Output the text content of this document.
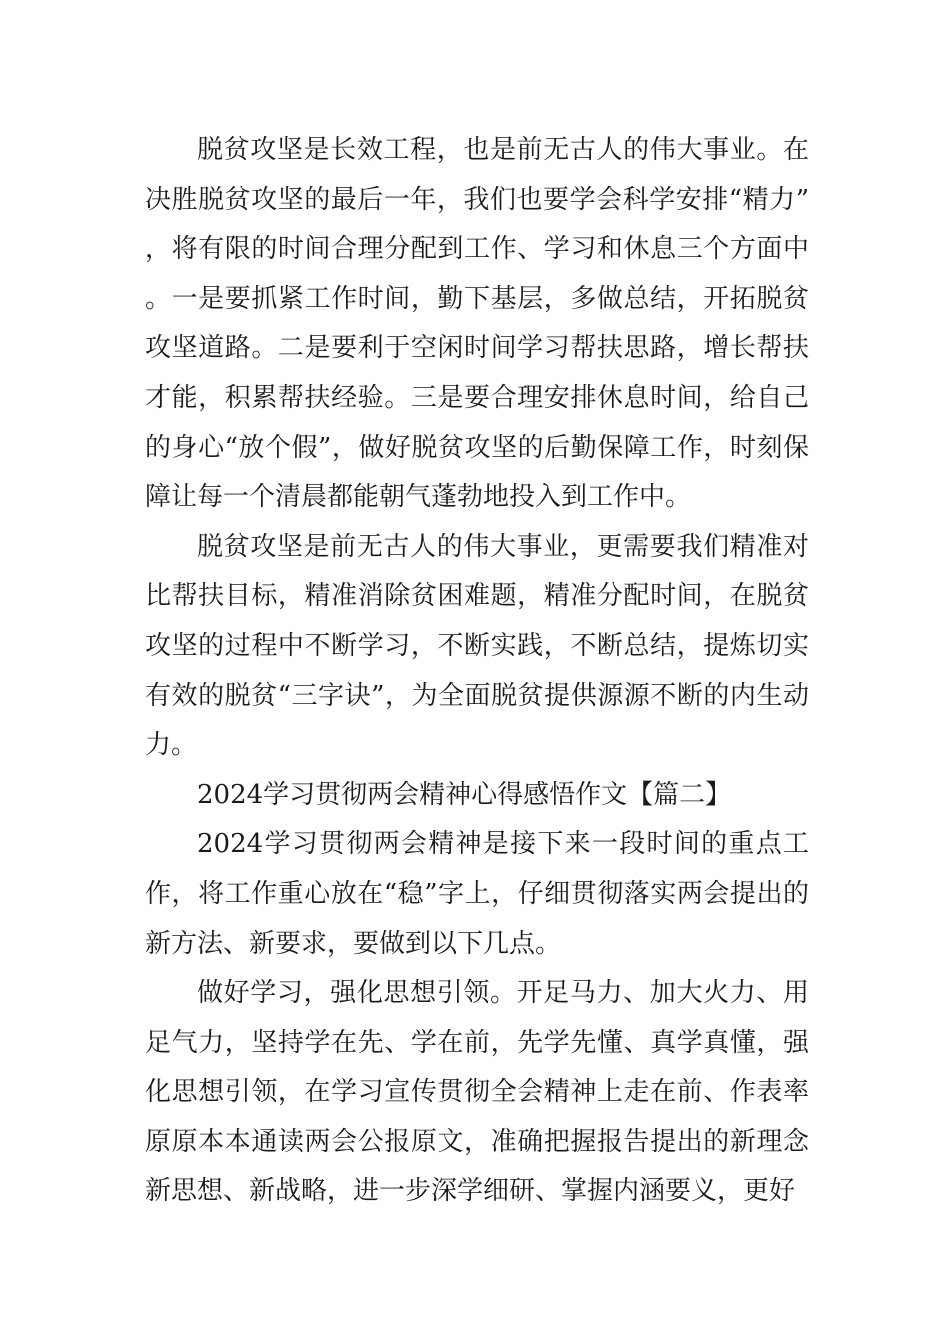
脱贫攻坚是长效工程，也是前无古人的伟大事业。在决胜脱贫攻坚的最后一年，我们也要学会科学安排“精力”，将有限的时间合理分配到工作、学习和休息三个方面中。一是要抓紧工作时间，勤下基层，多做总结，开拓脱贫攻坚道路。二是要利于空闲时间学习帮扶思路，增长帮扶才能，积累帮扶经验。三是要合理安排休息时间，给自己的身心“放个假”，做好脱贫攻坚的后勤保障工作，时刻保障让每一个清晨都能朝气蓬勃地投入到工作中。

脱贫攻坚是前无古人的伟大事业，更需要我们精准对比帮扶目标，精准消除贫困难题，精准分配时间，在脱贫攻坚的过程中不断学习，不断实践，不断总结，提炼切实有效的脱贫“三字诀”，为全面脱贫提供源源不断的内生动力。

2024学习贯彻两会精神心得感悟作文【篇二】

2024学习贯彻两会精神是接下来一段时间的重点工作，将工作重心放在“稳”字上，仔细贯彻落实两会提出的新方法、新要求，要做到以下几点。

做好学习，强化思想引领。开足马力、加大火力、用足气力，坚持学在先、学在前，先学先懂、真学真懂，强化思想引领，在学习宣传贯彻全会精神上走在前、作表率原原本本通读两会公报原文，准确把握报告提出的新理念新思想、新战略，进一步深学细研、掌握内涵要义，更好
